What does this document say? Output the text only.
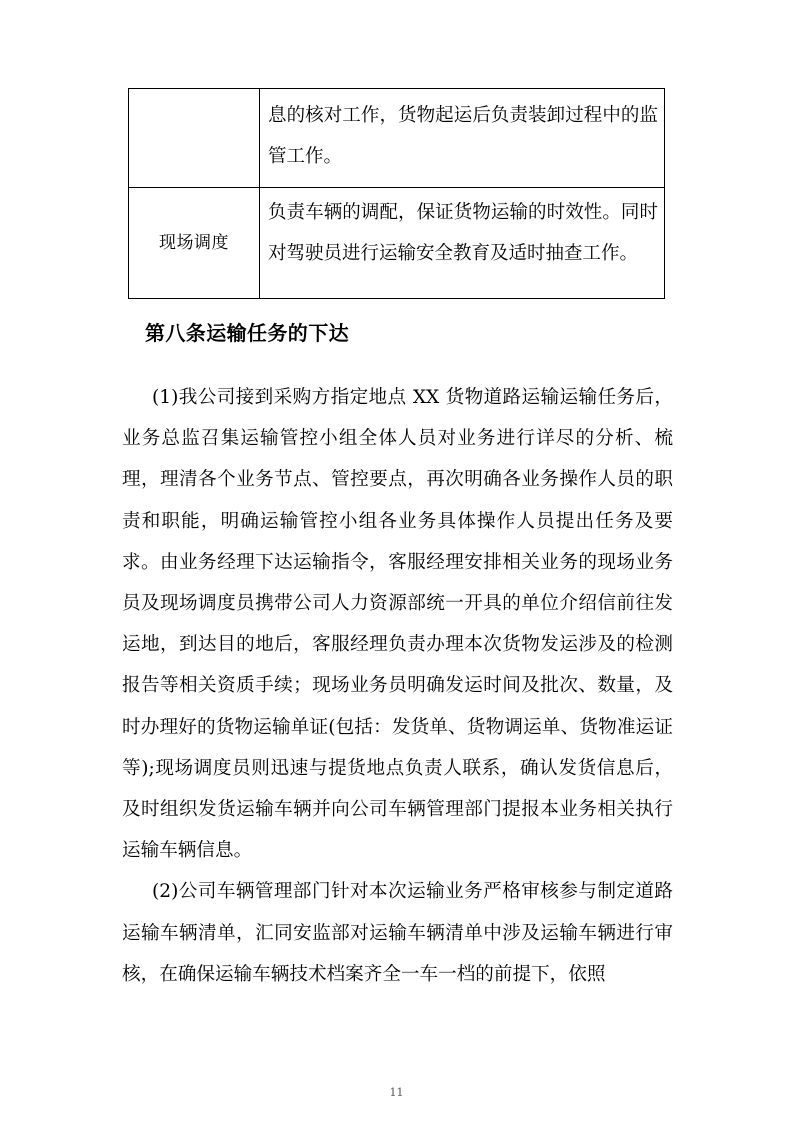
	息的核对工作，货物起运后负责装卸过程中的监管工作。

现场调度	负责车辆的调配，保证货物运输的时效性。同时对驾驶员进行运输安全教育及适时抽查工作。
第八条运输任务的下达

(1)我公司接到采购方指定地点 XX 货物道路运输运输任务后，业务总监召集运输管控小组全体人员对业务进行详尽的分析、梳理，理清各个业务节点、管控要点，再次明确各业务操作人员的职责和职能，明确运输管控小组各业务具体操作人员提出任务及要求。由业务经理下达运输指令，客服经理安排相关业务的现场业务员及现场调度员携带公司人力资源部统一开具的单位介绍信前往发运地，到达目的地后，客服经理负责办理本次货物发运涉及的检测报告等相关资质手续；现场业务员明确发运时间及批次、数量，及时办理好的货物运输单证(包括：发货单、货物调运单、货物准运证等);现场调度员则迅速与提货地点负责人联系，确认发货信息后，及时组织发货运输车辆并向公司车辆管理部门提报本业务相关执行运输车辆信息。

(2)公司车辆管理部门针对本次运输业务严格审核参与制定道路运输车辆清单，汇同安监部对运输车辆清单中涉及运输车辆进行审核，在确保运输车辆技术档案齐全一车一档的前提下，依照

11
